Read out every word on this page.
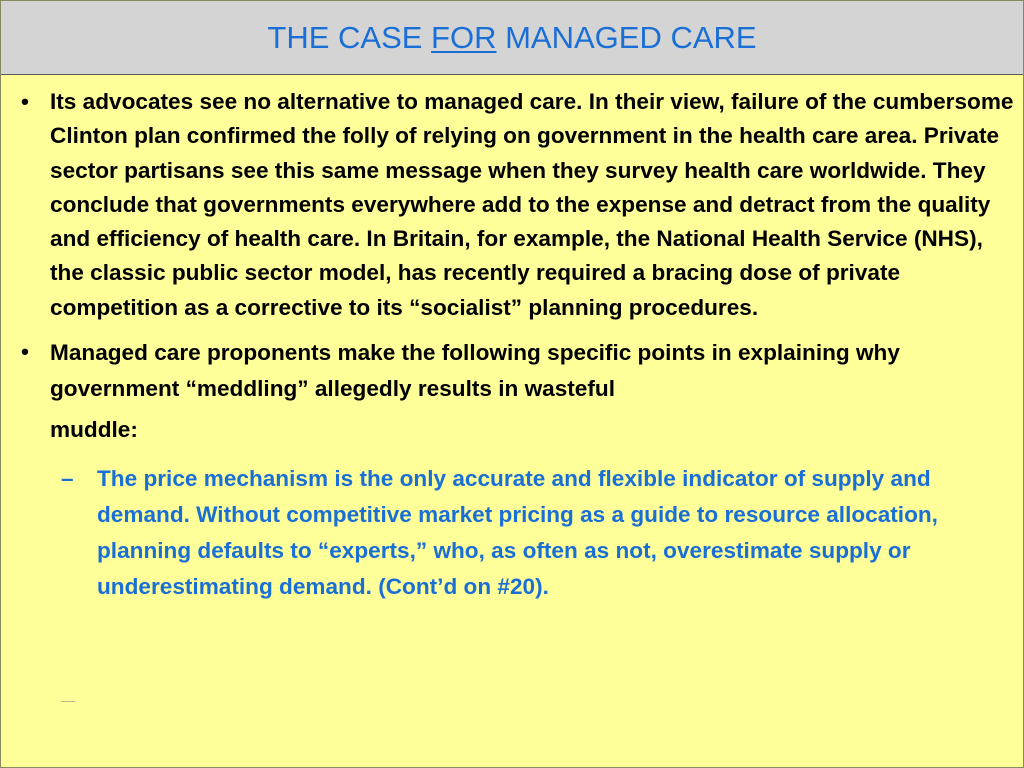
THE CASE FOR MANAGED CARE
• Its advocates see no alternative to managed care. In their view, failure of the cumbersome Clinton plan confirmed the folly of relying on government in the health care area. Private sector partisans see this same message when they survey health care worldwide. They conclude that governments everywhere add to the expense and detract from the quality and efficiency of health care. In Britain, for example, the National Health Service (NHS), the classic public sector model, has recently required a bracing dose of private competition as a corrective to its “socialist” planning procedures.
• Managed care proponents make the following specific points in explaining why government “meddling” allegedly results in wasteful
muddle:
– The price mechanism is the only accurate and flexible indicator of supply and demand. Without competitive market pricing as a guide to resource allocation, planning defaults to “experts,” who, as often as not, overestimate supply or underestimating demand. (Cont’d on #20).
